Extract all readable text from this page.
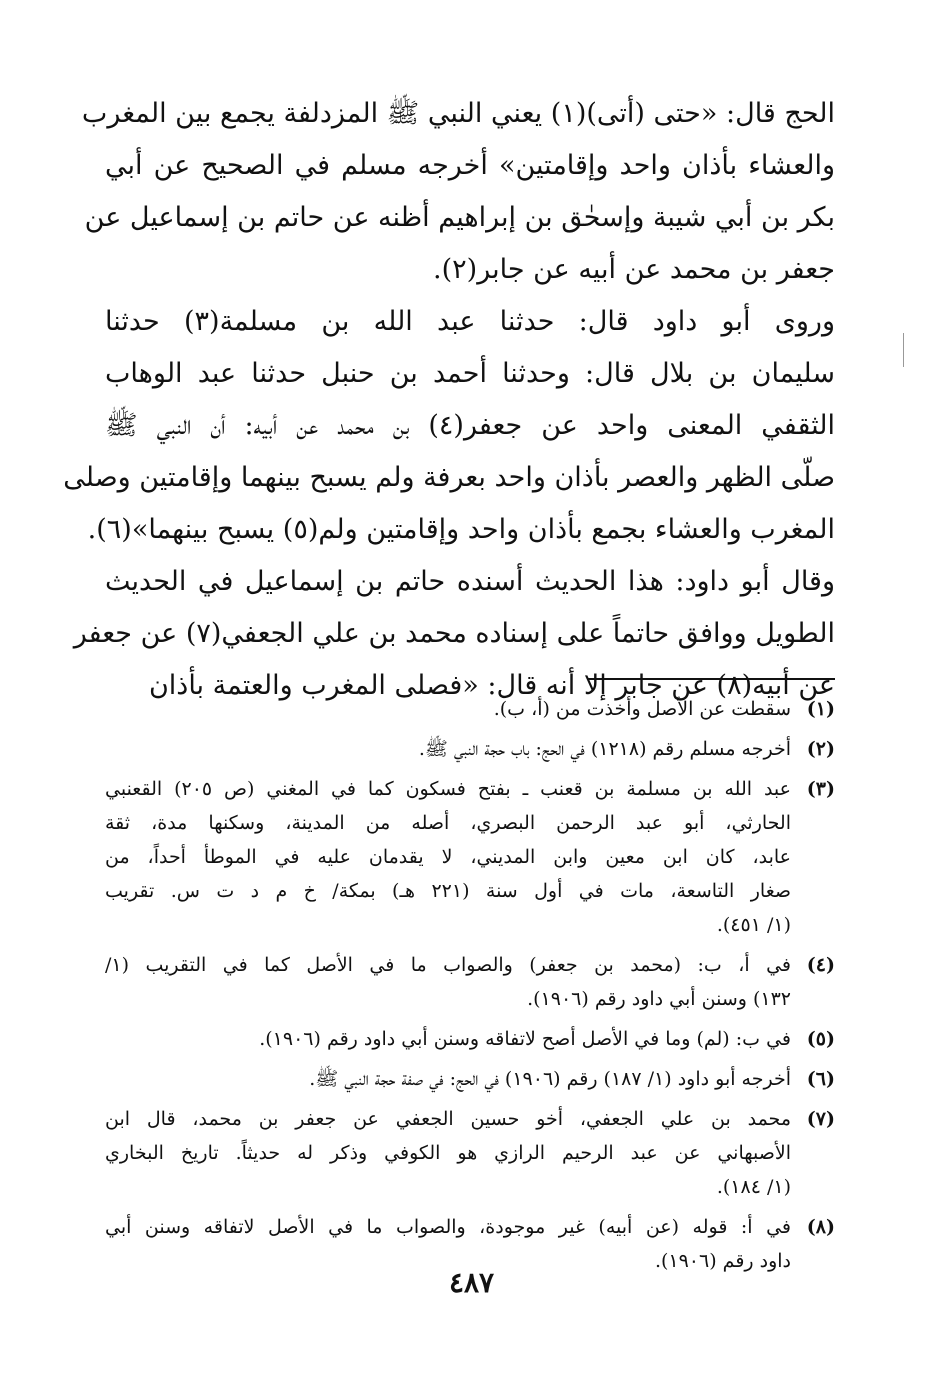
الحج قال: «حتى (أتى)(١) يعني النبي ﷺ المزدلفة يجمع بين المغرب
والعشاء بأذان واحد وإقامتين» أخرجه مسلم في الصحيح عن أبي
بكر بن أبي شيبة وإسحٰق بن إبراهيم أظنه عن حاتم بن إسماعيل عن
جعفر بن محمد عن أبيه عن جابر(٢).
وروى أبو داود قال: حدثنا عبد الله بن مسلمة(٣) حدثنا
سليمان بن بلال قال: وحدثنا أحمد بن حنبل حدثنا عبد الوهاب
الثقفي المعنى واحد عن جعفر(٤) بن محمد عن أبيه: أن النبي ﷺ
صلّى الظهر والعصر بأذان واحد بعرفة ولم يسبح بينهما وإقامتين وصلى
المغرب والعشاء بجمع بأذان واحد وإقامتين ولم(٥) يسبح بينهما»(٦).
وقال أبو داود: هذا الحديث أسنده حاتم بن إسماعيل في الحديث
الطويل ووافق حاتماً على إسناده محمد بن علي الجعفي(٧) عن جعفر
عن أبيه(٨) عن جابر إلا أنه قال: «فصلى المغرب والعتمة بأذان
(١)
سقطت عن الأصل وأخذت من (أ، ب).
(٢)
أخرجه مسلم رقم (١٢١٨) في الحج: باب حجة النبي ﷺ.
(٣)
عبد الله بن مسلمة بن قعنب ـ بفتح فسكون كما في المغني (ص ٢٠٥) القعنبي
الحارثي، أبو عبد الرحمن البصري، أصله من المدينة، وسكنها مدة، ثقة
عابد، كان ابن معين وابن المديني، لا يقدمان عليه في الموطأ أحداً، من
صغار التاسعة، مات في أول سنة (٢٢١ هـ) بمكة/ خ م د ت س. تقريب
(١/ ٤٥١).
(٤)
في أ، ب: (محمد بن جعفر) والصواب ما في الأصل كما في التقريب (١/
١٣٢) وسنن أبي داود رقم (١٩٠٦).
(٥)
في ب: (لم) وما في الأصل أصح لاتفاقه وسنن أبي داود رقم (١٩٠٦).
(٦)
أخرجه أبو داود (١/ ١٨٧) رقم (١٩٠٦) في الحج: في صفة حجة النبي ﷺ.
(٧)
محمد بن علي الجعفي، أخو حسين الجعفي عن جعفر بن محمد، قال ابن
الأصبهاني عن عبد الرحيم الرازي هو الكوفي وذكر له حديثاً. تاريخ البخاري
(١/ ١٨٤).
(٨)
في أ: قوله (عن أبيه) غير موجودة، والصواب ما في الأصل لاتفاقه وسنن أبي
داود رقم (١٩٠٦).
٤٨٧
